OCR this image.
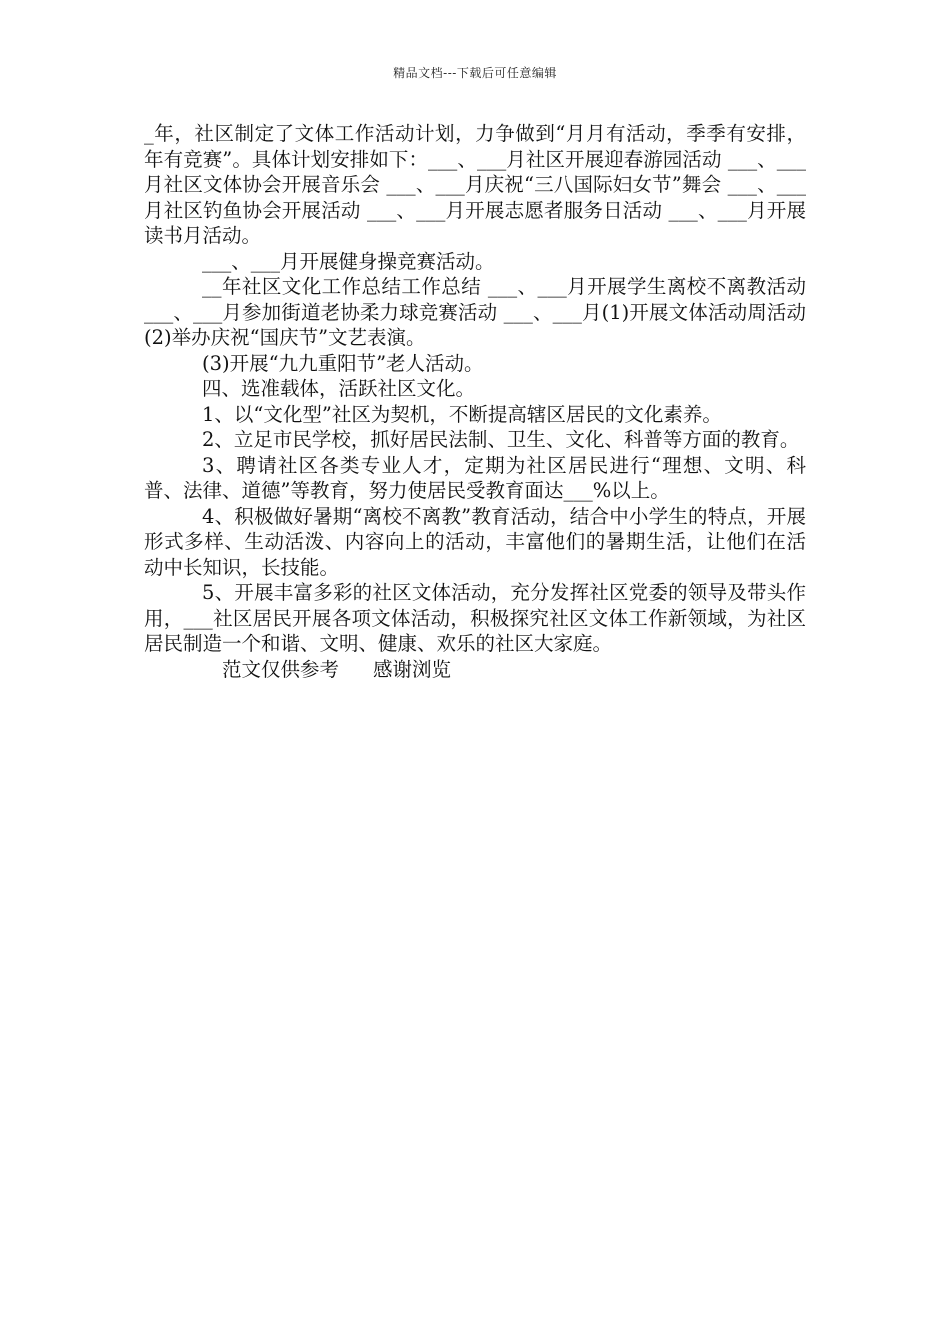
精品文档---下载后可任意编辑

_年，社区制定了文体工作活动计划，力争做到“月月有活动，季季有安排，年有竞赛”。具体计划安排如下：___、___月社区开展迎春游园活动 ___、___月社区文体协会开展音乐会 ___、___月庆祝“三八国际妇女节”舞会 ___、___月社区钓鱼协会开展活动 ___、___月开展志愿者服务日活动 ___、___月开展读书月活动。

___、___月开展健身操竞赛活动。

__年社区文化工作总结工作总结 ___、___月开展学生离校不离教活动 ___、___月参加街道老协柔力球竞赛活动 ___、___月(1)开展文体活动周活动(2)举办庆祝“国庆节”文艺表演。

(3)开展“九九重阳节”老人活动。

四、选准载体，活跃社区文化。

1、以“文化型”社区为契机，不断提高辖区居民的文化素养。

2、立足市民学校，抓好居民法制、卫生、文化、科普等方面的教育。

3、聘请社区各类专业人才，定期为社区居民进行“理想、文明、科普、法律、道德”等教育，努力使居民受教育面达___%以上。

4、积极做好暑期“离校不离教”教育活动，结合中小学生的特点，开展形式多样、生动活泼、内容向上的活动，丰富他们的暑期生活，让他们在活动中长知识，长技能。

5、开展丰富多彩的社区文体活动，充分发挥社区党委的领导及带头作用，___社区居民开展各项文体活动，积极探究社区文体工作新领域，为社区居民制造一个和谐、文明、健康、欢乐的社区大家庭。

范文仅供参考 感谢浏览
